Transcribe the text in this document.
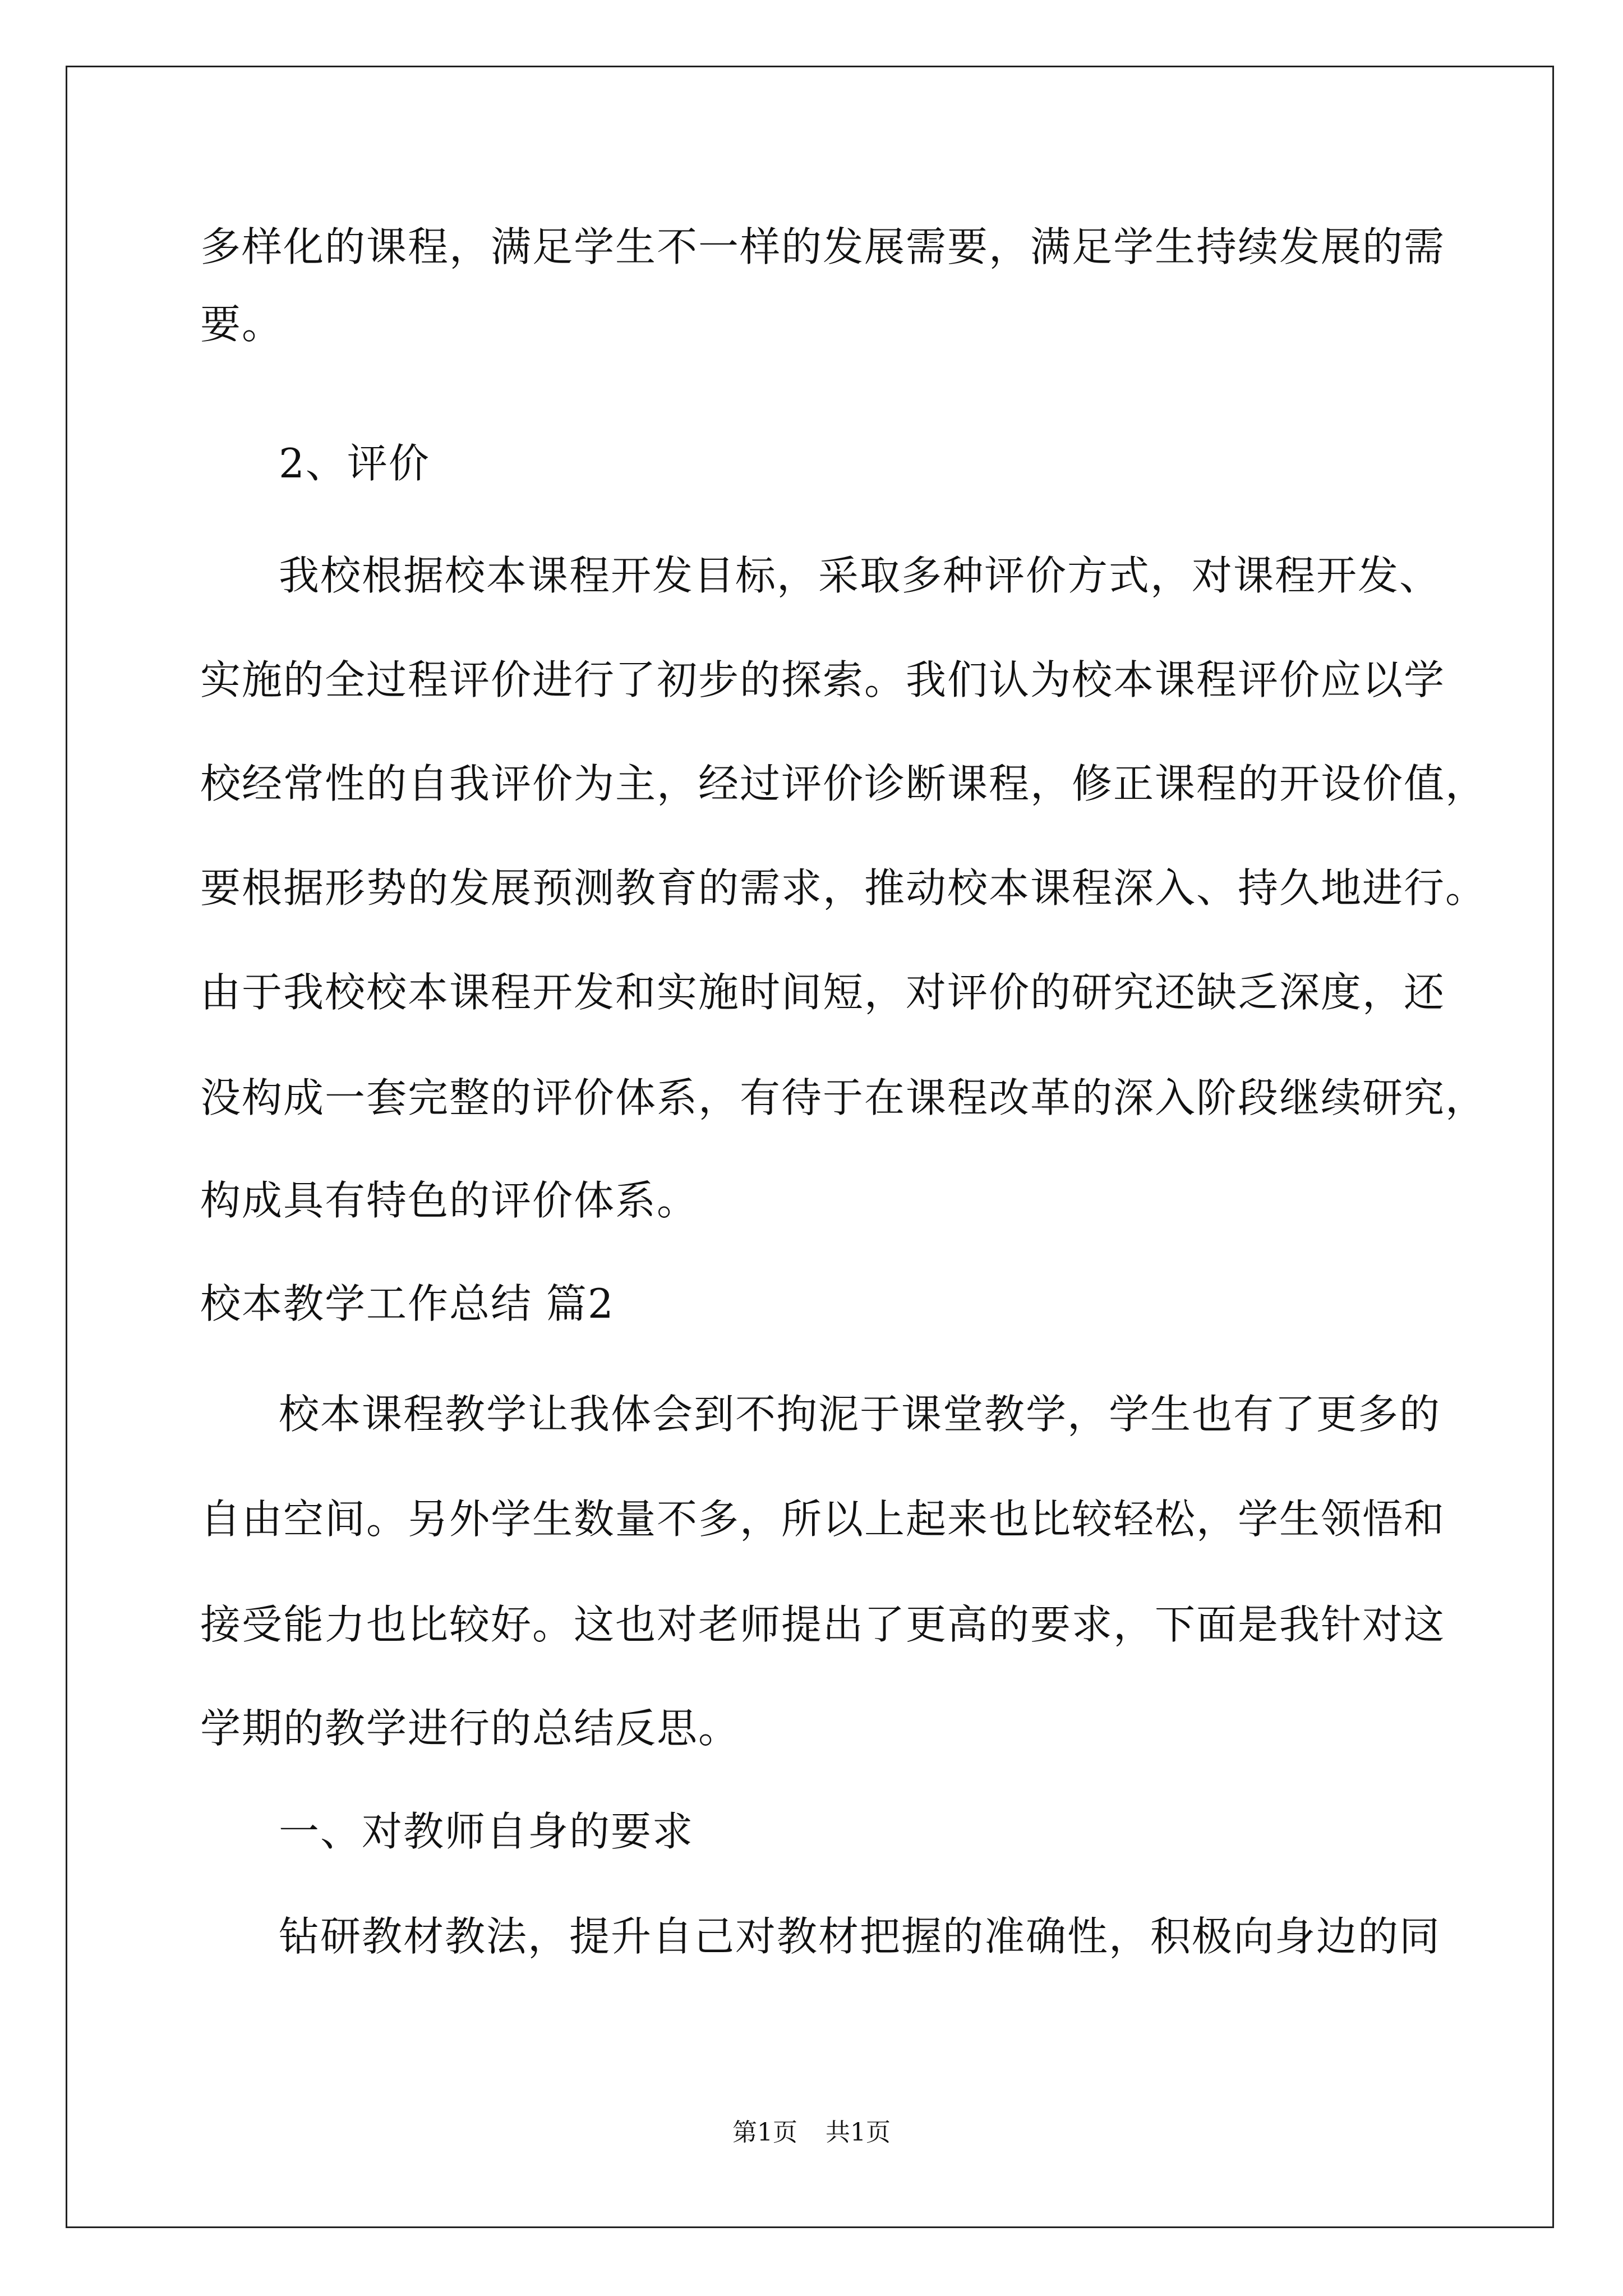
多样化的课程，满足学生不一样的发展需要，满足学生持续发展的需
要。
2、评价
我校根据校本课程开发目标，采取多种评价方式，对课程开发、
实施的全过程评价进行了初步的探索。我们认为校本课程评价应以学
校经常性的自我评价为主，经过评价诊断课程，修正课程的开设价值，
要根据形势的发展预测教育的需求，推动校本课程深入、持久地进行。
由于我校校本课程开发和实施时间短，对评价的研究还缺乏深度，还
没构成一套完整的评价体系，有待于在课程改革的深入阶段继续研究，
构成具有特色的评价体系。
校本教学工作总结 篇2
校本课程教学让我体会到不拘泥于课堂教学，学生也有了更多的
自由空间。另外学生数量不多，所以上起来也比较轻松，学生领悟和
接受能力也比较好。这也对老师提出了更高的要求，下面是我针对这
学期的教学进行的总结反思。
一、对教师自身的要求
钻研教材教法，提升自己对教材把握的准确性，积极向身边的同
第1页 共1页
